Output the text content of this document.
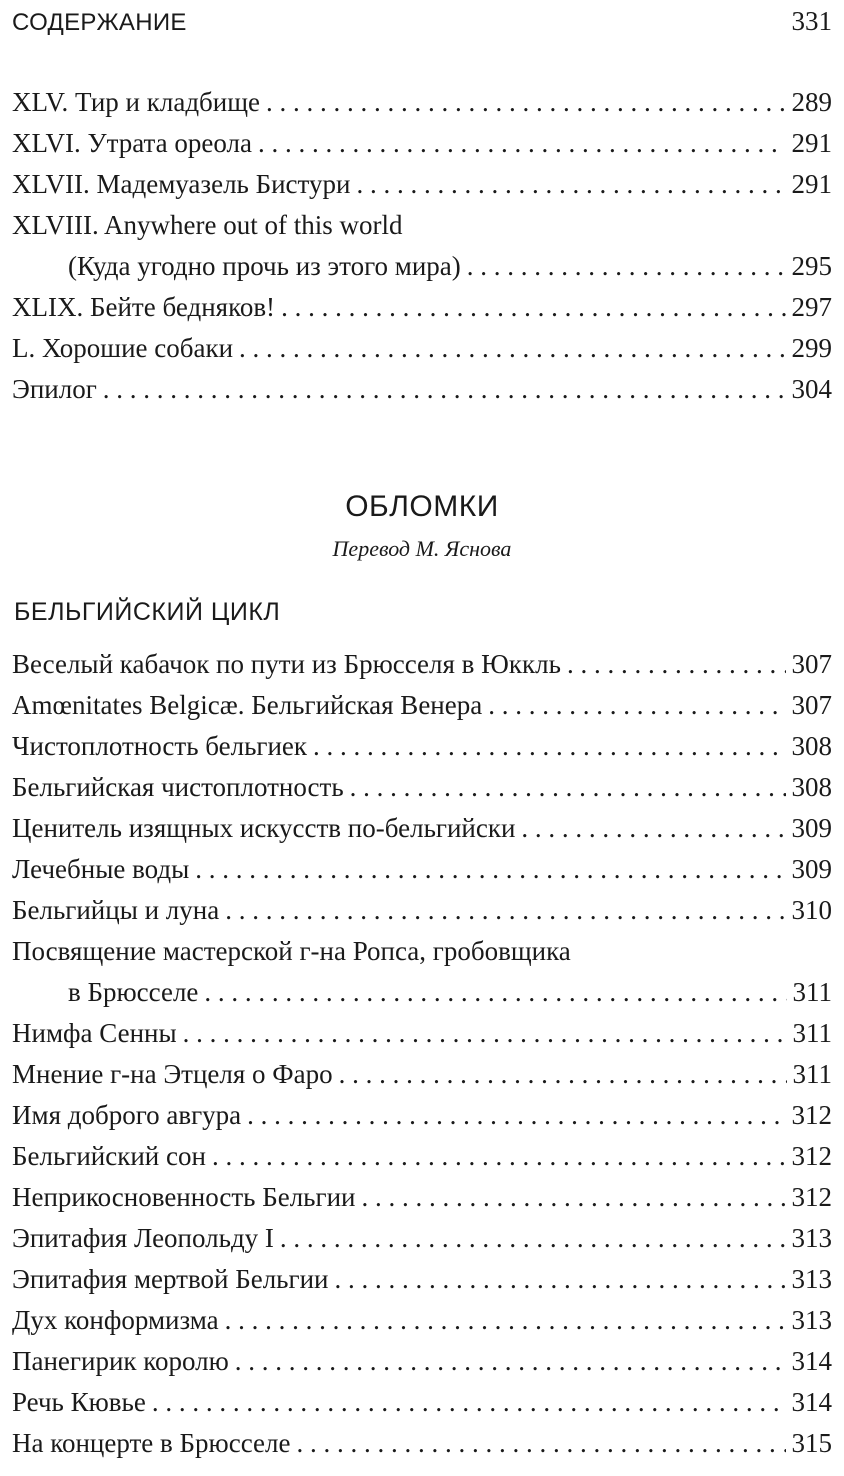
СОДЕРЖАНИЕ	331
XLV. Тир и кладбище . . .	289
XLVI. Утрата ореола . . .	291
XLVII. Мадемуазель Бистури . . .	291
XLVIII. Anywhere out of this world
(Куда угодно прочь из этого мира) . . .	295
XLIX. Бейте бедняков! . . .	297
L. Хорошие собаки . . .	299
Эпилог . . .	304
ОБЛОМКИ
Перевод М. Яснова
БЕЛЬГИЙСКИЙ ЦИКЛ
Веселый кабачок по пути из Брюсселя в Юккль . . .	307
Amœnitates Belgicæ. Бельгийская Венера . . .	307
Чистоплотность бельгиек . . .	308
Бельгийская чистоплотность . . .	308
Ценитель изящных искусств по-бельгийски . . .	309
Лечебные воды . . .	309
Бельгийцы и луна . . .	310
Посвящение мастерской г-на Ропса, гробовщика
в Брюсселе . . .	311
Нимфа Сенны . . .	311
Мнение г-на Этцеля о Фаро . . .	311
Имя доброго авгура . . .	312
Бельгийский сон . . .	312
Неприкосновенность Бельгии . . .	312
Эпитафия Леопольду I . . .	313
Эпитафия мертвой Бельгии . . .	313
Дух конформизма . . .	313
Панегирик королю . . .	314
Речь Кювье . . .	314
На концерте в Брюсселе . . .	315
